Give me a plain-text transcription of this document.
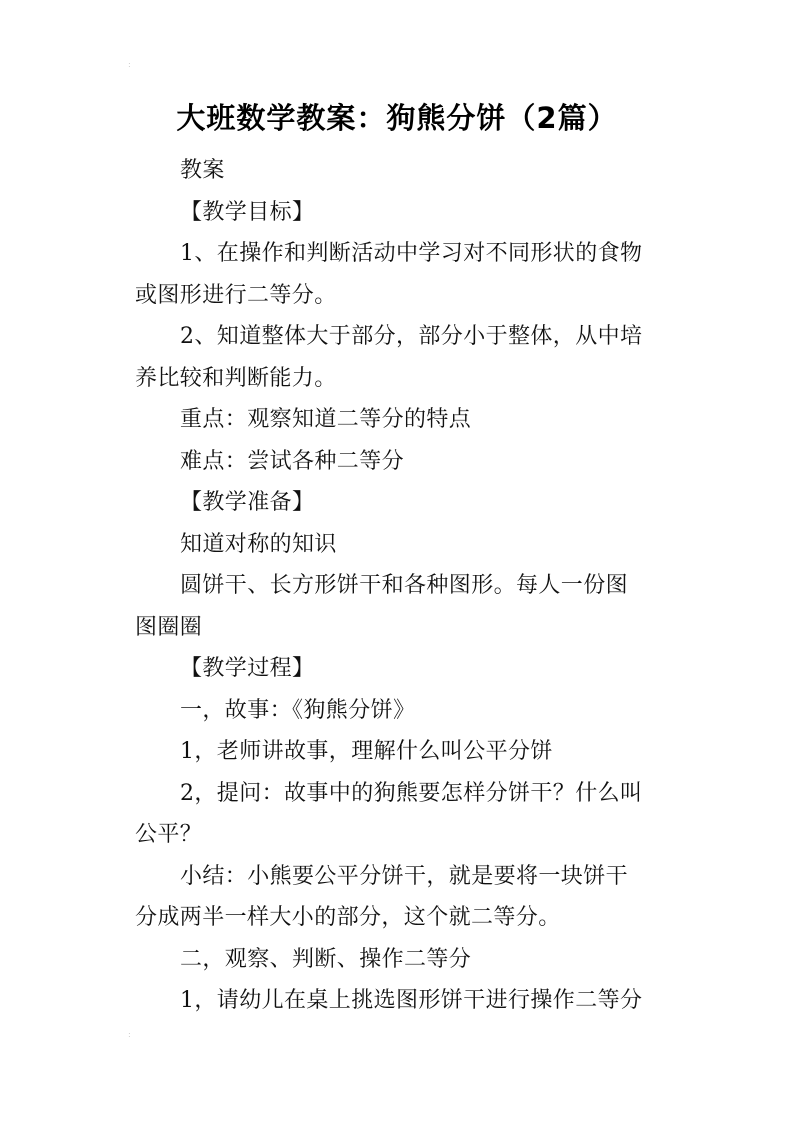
:
大班数学教案：狗熊分饼（2篇）
教案
【教学目标】
1、在操作和判断活动中学习对不同形状的食物
或图形进行二等分。
2、知道整体大于部分，部分小于整体，从中培
养比较和判断能力。
重点：观察知道二等分的特点
难点：尝试各种二等分
【教学准备】
知道对称的知识
圆饼干、长方形饼干和各种图形。每人一份图
图圈圈
【教学过程】
一，故事：《狗熊分饼》
1，老师讲故事，理解什么叫公平分饼
2，提问：故事中的狗熊要怎样分饼干？什么叫
公平？
小结：小熊要公平分饼干，就是要将一块饼干
分成两半一样大小的部分，这个就二等分。
二，观察、判断、操作二等分
1，请幼儿在桌上挑选图形饼干进行操作二等分
:
